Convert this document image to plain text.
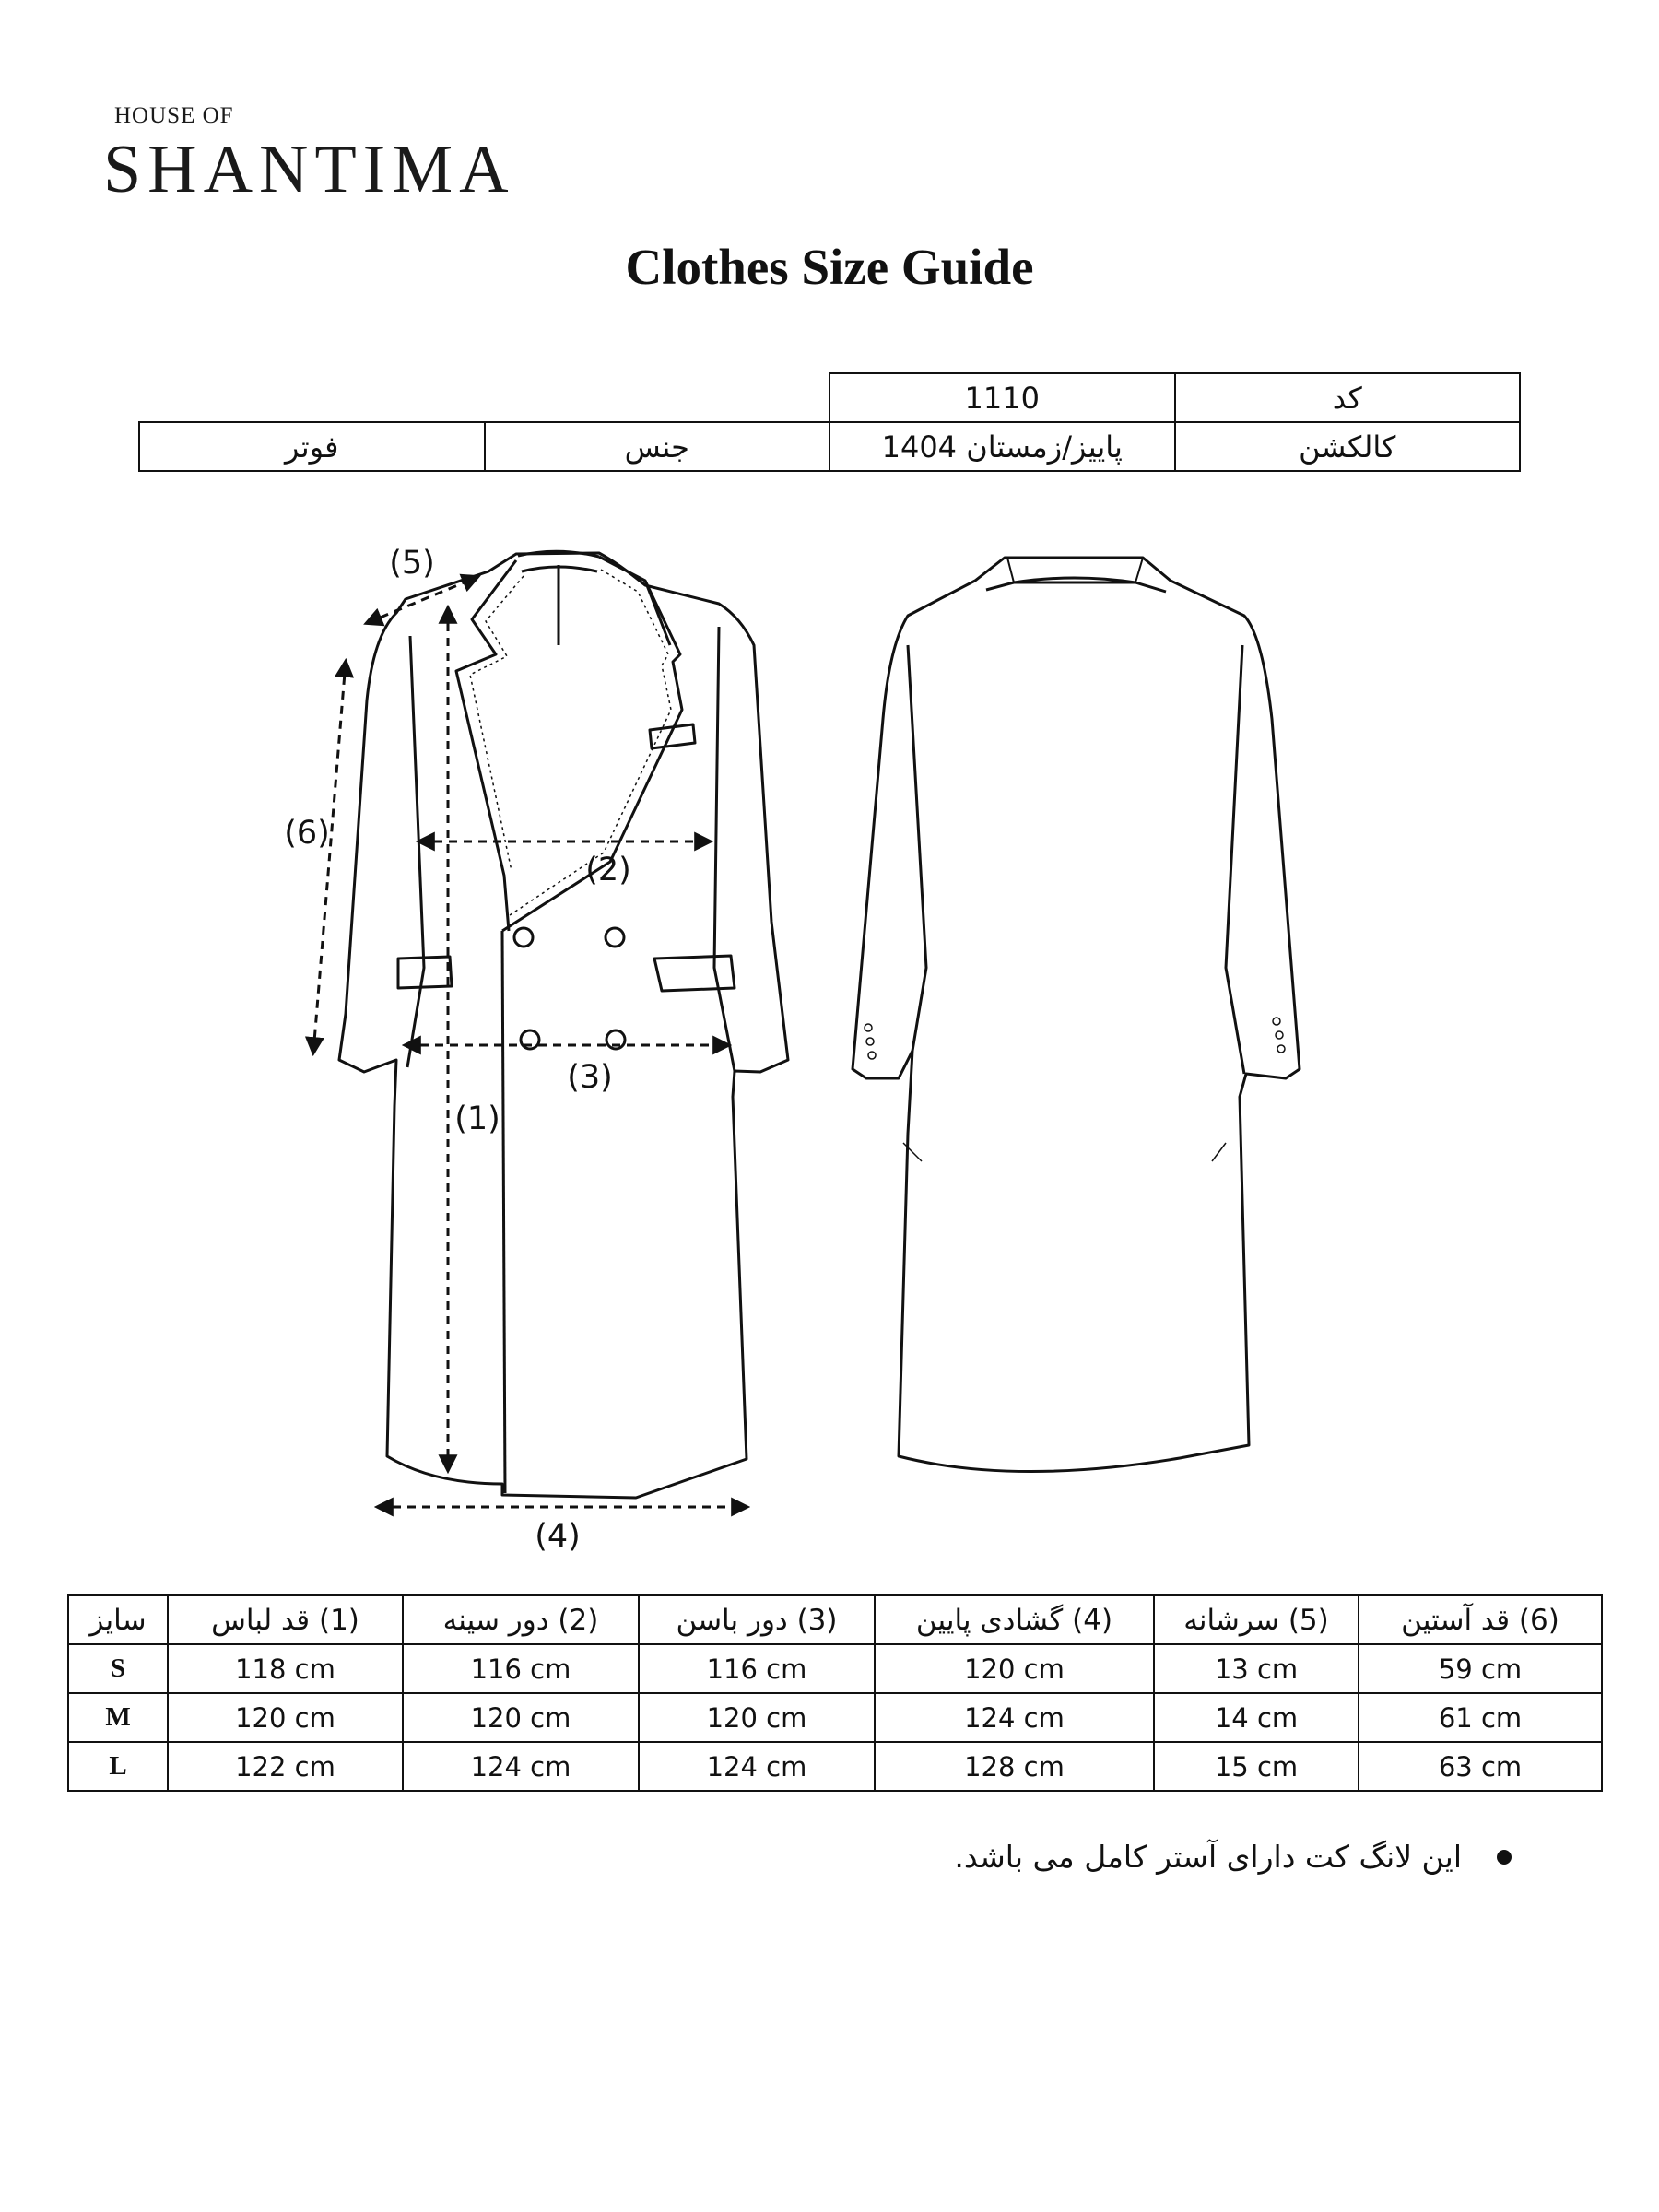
HOUSE OF
SHANTIMA
Clothes Size Guide
		1110	کد
فوتر	جنس	پاییز/زمستان 1404	کالکشن
(1)
(2)
(3)
(4)
(5)
(6)
سایز	(1) قد لباس	(2) دور سینه	(3) دور باسن	(4) گشادی پایین	(5) سرشانه	(6) قد آستین
S	118 cm	116 cm	116 cm	120 cm	13 cm	59 cm
M	120 cm	120 cm	120 cm	124 cm	14 cm	61 cm
L	122 cm	124 cm	124 cm	128 cm	15 cm	63 cm
این لانگ کت دارای آستر کامل می باشد.
